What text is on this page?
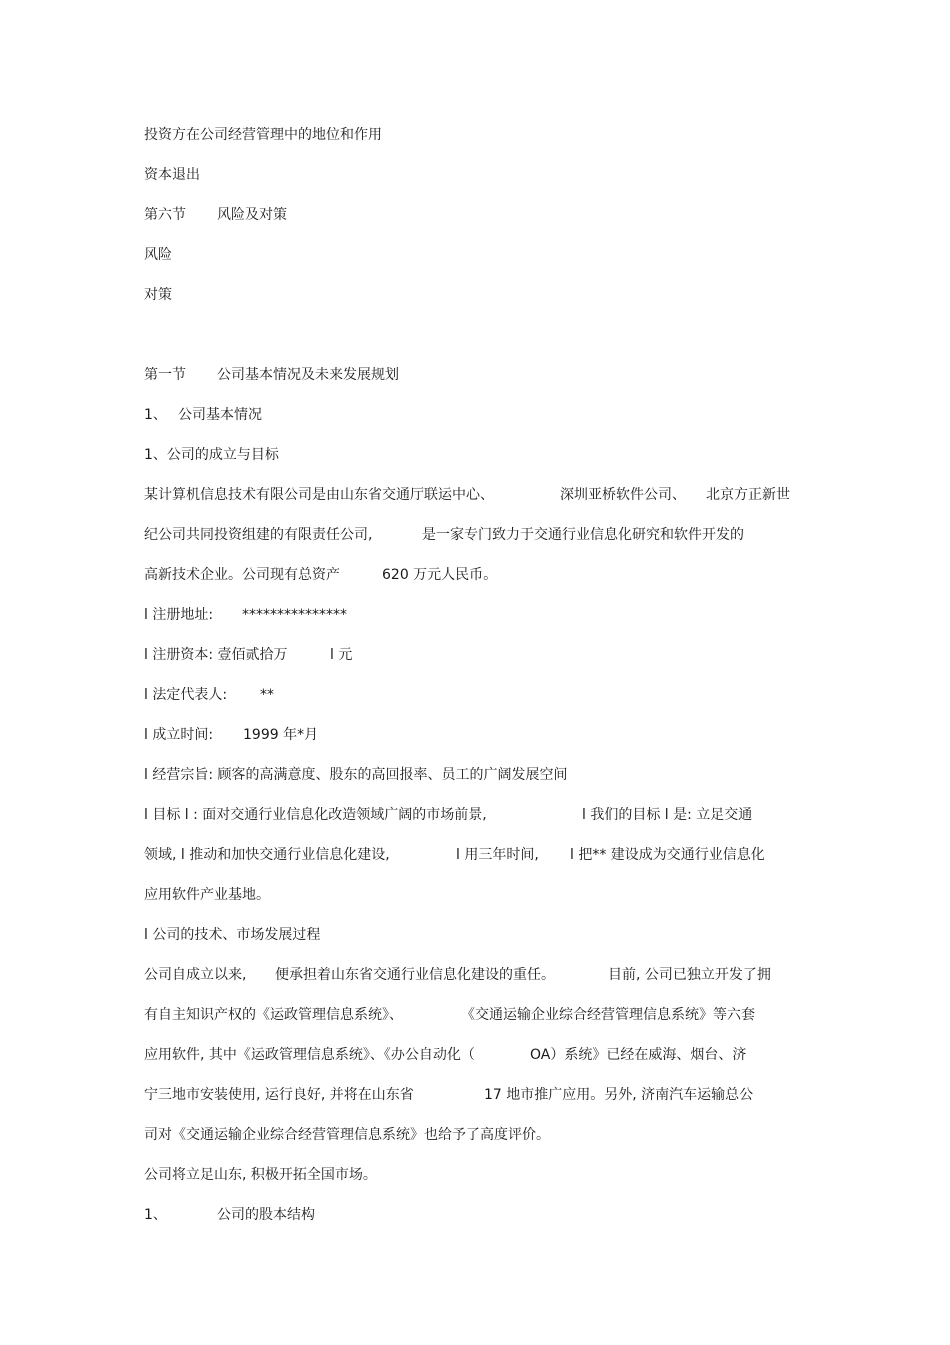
投资方在公司经营管理中的地位和作用

资本退出

第六节 风险及对策

风险

对策

第一节 公司基本情况及未来发展规划

1、 公司基本情况

1、公司的成立与目标

某计算机信息技术有限公司是由山东省交通厅联运中心、	深圳亚桥软件公司、 北京方正新世

纪公司共同投资组建的有限责任公司,	是一家专门致力于交通行业信息化研究和软件开发的

高新技术企业。公司现有总资产	620 万元人民币。

l 注册地址: ***************

l 注册资本: 壹佰贰拾万	l 元

l 法定代表人: **

l 成立时间: 1999 年*月

l 经营宗旨: 顾客的高满意度、股东的高回报率、员工的广阔发展空间

l 目标 l : 面对交通行业信息化改造领域广阔的市场前景,	l 我们的目标 l 是: 立足交通

领域, l 推动和加快交通行业信息化建设,	l 用三年时间, l 把** 建设成为交通行业信息化

应用软件产业基地。

l 公司的技术、市场发展过程

公司自成立以来, 便承担着山东省交通行业信息化建设的重任。	目前, 公司已独立开发了拥

有自主知识产权的《运政管理信息系统》、	《交通运输企业综合经营管理信息系统》等六套

应用软件, 其中《运政管理信息系统》、《办公自动化（	OA）系统》已经在威海、烟台、济

宁三地市安装使用, 运行良好, 并将在山东省	17 地市推广应用。另外, 济南汽车运输总公

司对《交通运输企业综合经营管理信息系统》也给予了高度评价。

公司将立足山东, 积极开拓全国市场。

1、	公司的股本结构
